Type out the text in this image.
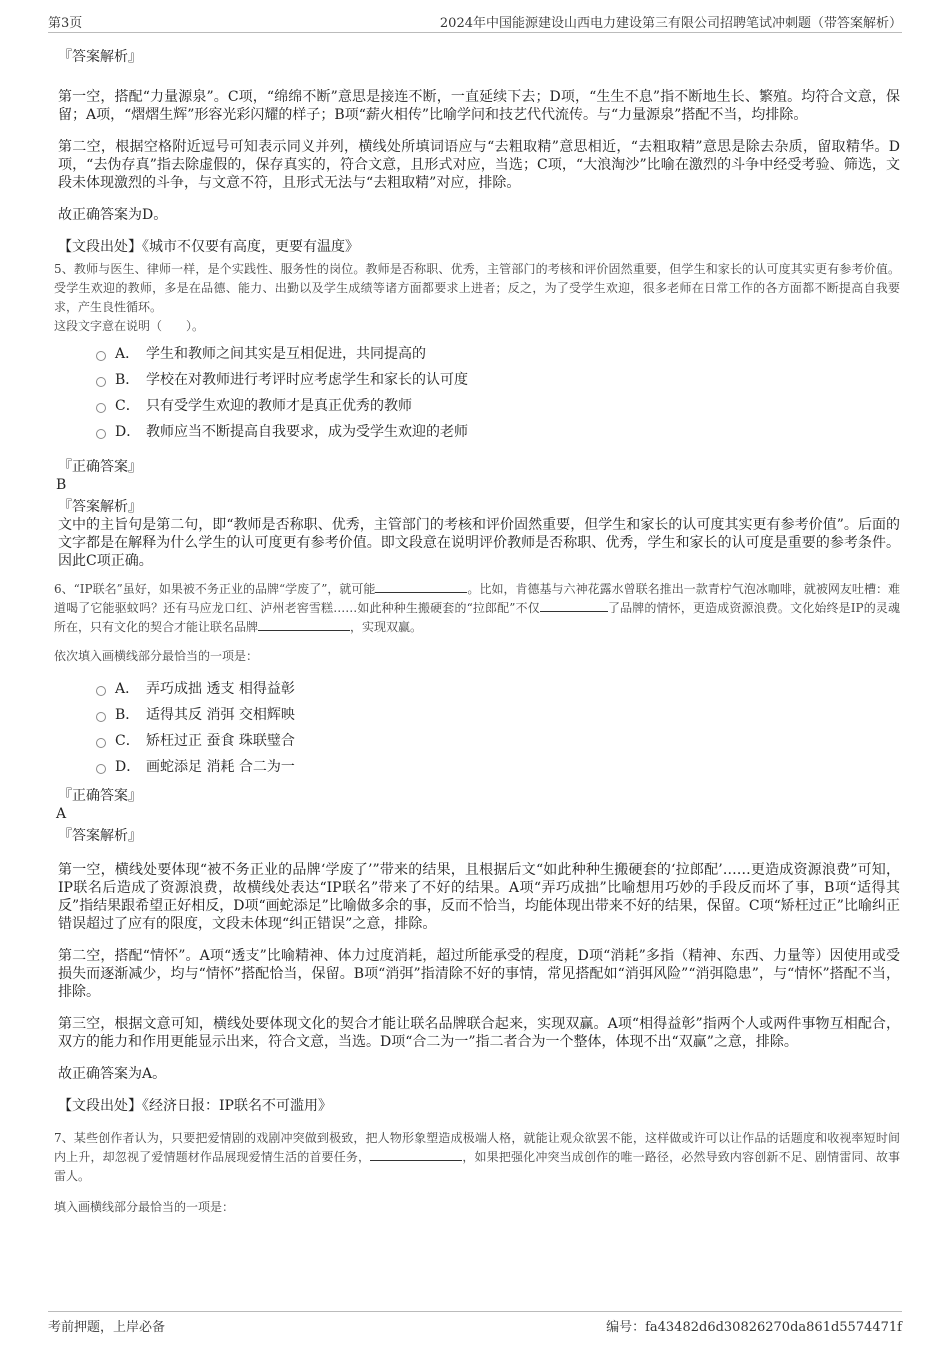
第3页	2024年中国能源建设山西电力建设第三有限公司招聘笔试冲刺题（带答案解析）
『答案解析』

第一空，搭配“力量源泉”。C项，“绵绵不断”意思是接连不断，一直延续下去；D项，“生生不息”指不断地生长、繁殖。均符合文意，保留；A项，“熠熠生辉”形容光彩闪耀的样子；B项“薪火相传”比喻学问和技艺代代流传。与“力量源泉”搭配不当，均排除。

第二空，根据空格附近逗号可知表示同义并列，横线处所填词语应与“去粗取精”意思相近，“去粗取精”意思是除去杂质，留取精华。D项，“去伪存真”指去除虚假的，保存真实的，符合文意，且形式对应，当选；C项，“大浪淘沙”比喻在激烈的斗争中经受考验、筛选，文段未体现激烈的斗争，与文意不符，且形式无法与“去粗取精”对应，排除。

故正确答案为D。

【文段出处】《城市不仅要有高度，更要有温度》

5、教师与医生、律师一样，是个实践性、服务性的岗位。教师是否称职、优秀，主管部门的考核和评价固然重要，但学生和家长的认可度其实更有参考价值。受学生欢迎的教师，多是在品德、能力、出勤以及学生成绩等诸方面都要求上进者；反之，为了受学生欢迎，很多老师在日常工作的各方面都不断提高自我要求，产生良性循环。

这段文字意在说明（　　）。
A． 学生和教师之间其实是互相促进，共同提高的
B． 学校在对教师进行考评时应考虑学生和家长的认可度
C． 只有受学生欢迎的教师才是真正优秀的教师
D． 教师应当不断提高自我要求，成为受学生欢迎的老师
『正确答案』
B
『答案解析』

文中的主旨句是第二句，即“教师是否称职、优秀，主管部门的考核和评价固然重要，但学生和家长的认可度其实更有参考价值”。后面的文字都是在解释为什么学生的认可度更有参考价值。即文段意在说明评价教师是否称职、优秀，学生和家长的认可度是重要的参考条件。因此C项正确。

6、“IP联名”虽好，如果被不务正业的品牌“学废了”，就可能	。比如，肯德基与六神花露水曾联名推出一款青柠气泡冰咖啡，就被网友吐槽：难道喝了它能驱蚊吗？还有马应龙口红、泸州老窖雪糕……如此种种生搬硬套的“拉郎配”不仅	了品牌的情怀，更造成资源浪费。文化始终是IP的灵魂所在，只有文化的契合才能让联名品牌	，实现双赢。

依次填入画横线部分最恰当的一项是：
A． 弄巧成拙 透支 相得益彰
B． 适得其反 消弭 交相辉映
C． 矫枉过正 蚕食 珠联璧合
D． 画蛇添足 消耗 合二为一
『正确答案』
A
『答案解析』

第一空，横线处要体现“被不务正业的品牌‘学废了’”带来的结果，且根据后文“如此种种生搬硬套的‘拉郎配’……更造成资源浪费”可知，IP联名后造成了资源浪费，故横线处表达“IP联名”带来了不好的结果。A项“弄巧成拙”比喻想用巧妙的手段反而坏了事，B项“适得其反”指结果跟希望正好相反，D项“画蛇添足”比喻做多余的事，反而不恰当，均能体现出带来不好的结果，保留。C项“矫枉过正”比喻纠正错误超过了应有的限度，文段未体现“纠正错误”之意，排除。

第二空，搭配“情怀”。A项“透支”比喻精神、体力过度消耗，超过所能承受的程度，D项“消耗”多指（精神、东西、力量等）因使用或受损失而逐渐减少，均与“情怀”搭配恰当，保留。B项“消弭”指清除不好的事情，常见搭配如“消弭风险”“消弭隐患”，与“情怀”搭配不当，排除。

第三空，根据文意可知，横线处要体现文化的契合才能让联名品牌联合起来，实现双赢。A项“相得益彰”指两个人或两件事物互相配合，双方的能力和作用更能显示出来，符合文意，当选。D项“合二为一”指二者合为一个整体，体现不出“双赢”之意，排除。

故正确答案为A。

【文段出处】《经济日报：IP联名不可滥用》

7、某些创作者认为，只要把爱情剧的戏剧冲突做到极致，把人物形象塑造成极端人格，就能让观众欲罢不能，这样做或许可以让作品的话题度和收视率短时间内上升，却忽视了爱情题材作品展现爱情生活的首要任务，	，如果把强化冲突当成创作的唯一路径，必然导致内容创新不足、剧情雷同、故事雷人。

填入画横线部分最恰当的一项是：
考前押题，上岸必备	编号：fa43482d6d30826270da861d5574471f
